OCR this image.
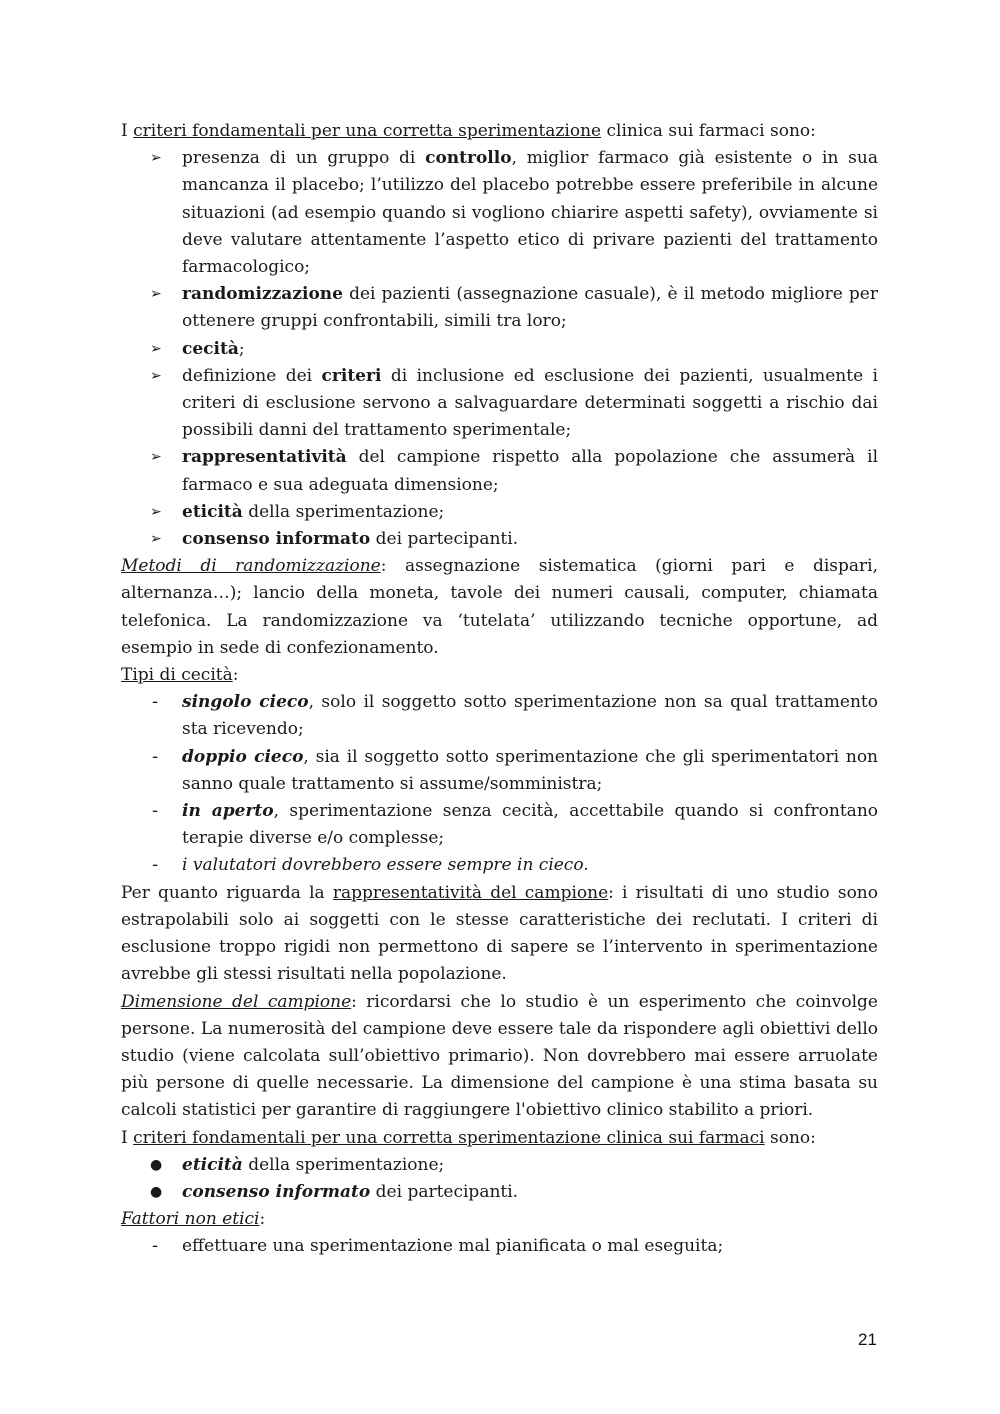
I criteri fondamentali per una corretta sperimentazione clinica sui farmaci sono:

➢	presenza di un gruppo di controllo, miglior farmaco già esistente o in sua mancanza il placebo; l’utilizzo del placebo potrebbe essere preferibile in alcune situazioni (ad esempio quando si vogliono chiarire aspetti safety), ovviamente si deve valutare attentamente l’aspetto etico di privare pazienti del trattamento farmacologico;
➢	randomizzazione dei pazienti (assegnazione casuale), è il metodo migliore per ottenere gruppi confrontabili, simili tra loro;
➢	cecità;
➢	definizione dei criteri di inclusione ed esclusione dei pazienti, usualmente i criteri di esclusione servono a salvaguardare determinati soggetti a rischio dai possibili danni del trattamento sperimentale;
➢	rappresentatività del campione rispetto alla popolazione che assumerà il farmaco e sua adeguata dimensione;
➢	eticità della sperimentazione;
➢	consenso informato dei partecipanti.

Metodi di randomizzazione: assegnazione sistematica (giorni pari e dispari, alternanza…); lancio della moneta, tavole dei numeri causali, computer, chiamata telefonica. La randomizzazione va ‘tutelata’ utilizzando tecniche opportune, ad esempio in sede di confezionamento.

Tipi di cecità:

-	singolo cieco, solo il soggetto sotto sperimentazione non sa qual trattamento sta ricevendo;
-	doppio cieco, sia il soggetto sotto sperimentazione che gli sperimentatori non sanno quale trattamento si assume/somministra;
-	in aperto, sperimentazione senza cecità, accettabile quando si confrontano terapie diverse e/o complesse;
-	i valutatori dovrebbero essere sempre in cieco.

Per quanto riguarda la rappresentatività del campione: i risultati di uno studio sono estrapolabili solo ai soggetti con le stesse caratteristiche dei reclutati. I criteri di esclusione troppo rigidi non permettono di sapere se l’intervento in sperimentazione avrebbe gli stessi risultati nella popolazione.

Dimensione del campione: ricordarsi che lo studio è un esperimento che coinvolge persone. La numerosità del campione deve essere tale da rispondere agli obiettivi dello studio (viene calcolata sull’obiettivo primario). Non dovrebbero mai essere arruolate più persone di quelle necessarie. La dimensione del campione è una stima basata su calcoli statistici per garantire di raggiungere l'obiettivo clinico stabilito a priori.

I criteri fondamentali per una corretta sperimentazione clinica sui farmaci sono:

●	eticità della sperimentazione;
●	consenso informato dei partecipanti.

Fattori non etici:

-	effettuare una sperimentazione mal pianificata o mal eseguita;
21
